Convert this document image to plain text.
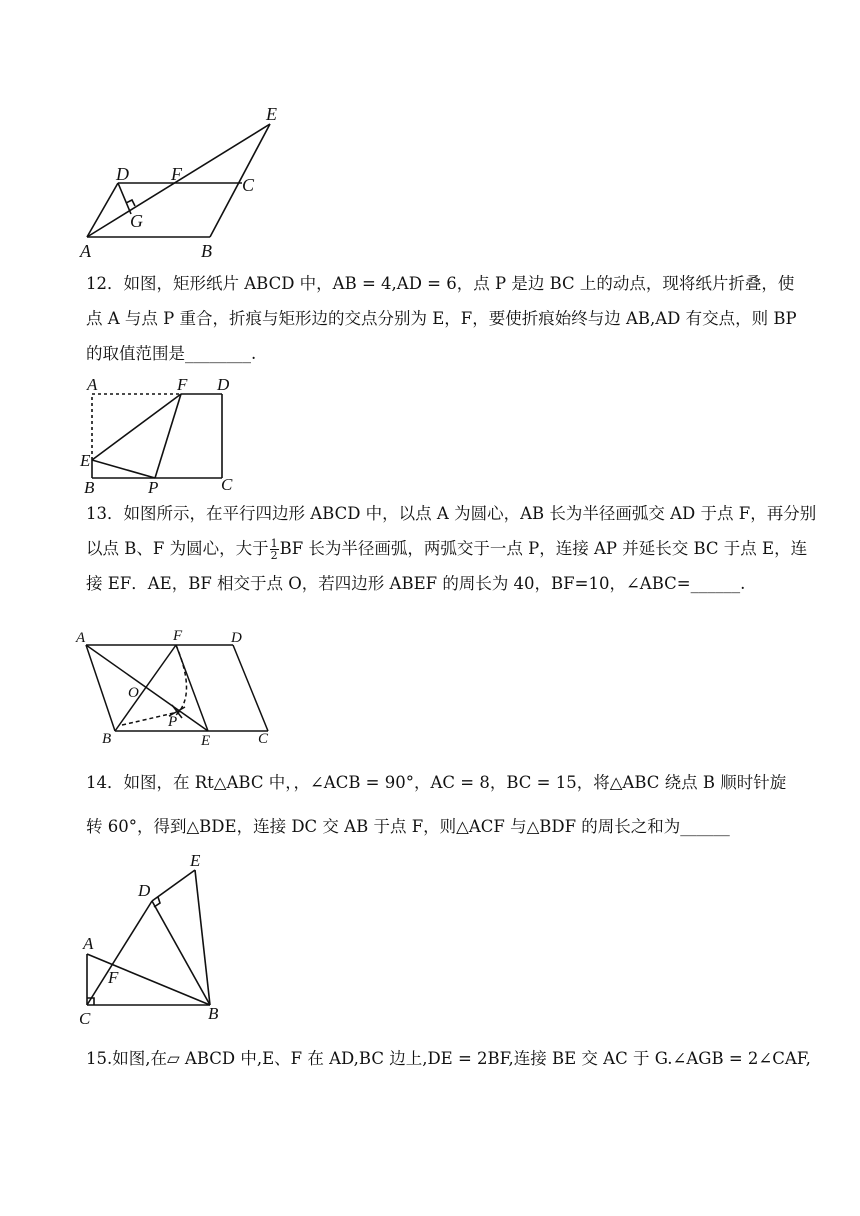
E
D F
C
G
A	B
12．如图，矩形纸片 ABCD 中，AB = 4,AD = 6，点 P 是边 BC 上的动点，现将纸片折叠，使
点 A 与点 P 重合，折痕与矩形边的交点分别为 E，F，要使折痕始终与边 AB,AD 有交点，则 BP
的取值范围是________.
A	F D
E
B	P	C
13．如图所示，在平行四边形 ABCD 中，以点 A 为圆心，AB 长为半径画弧交 AD 于点 F，再分别
以点 B、F 为圆心，大于 $\frac{1}{2}$ BF 长为半径画弧，两弧交于一点 P，连接 AP 并延长交 BC 于点 E，连
接 EF．AE，BF 相交于点 O，若四边形 ABEF 的周长为 40，BF=10，∠ABC=______.
A	F	D
O
P
B	E	C
14．如图，在 Rt△ABC 中，，∠ACB = 90°，AC = 8，BC = 15，将△ABC 绕点 B 顺时针旋
转 60°，得到△BDE，连接 DC 交 AB 于点 F，则△ACF 与△BDF 的周长之和为______
E
D
A
F
C	B
15.如图,在▱ ABCD 中,E、F 在 AD,BC 边上,DE = 2BF,连接 BE 交 AC 于 G.∠AGB = 2∠CAF,
